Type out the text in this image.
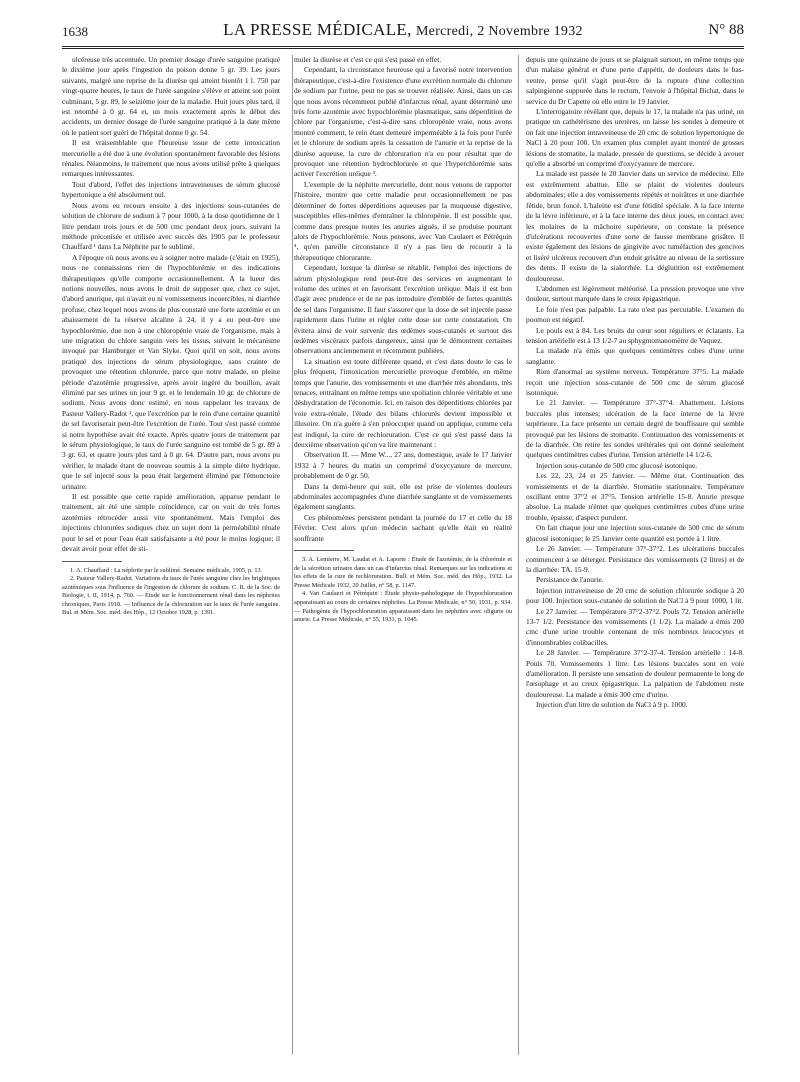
1638	LA PRESSE MÉDICALE, Mercredi, 2 Novembre 1932	N° 88

ulcéreuse très accentuée. Un premier dosage d'urée sanguine pratiqué le dixième jour après l'ingestion du poison donne 5 gr. 39. Les jours suivants, malgré une reprise de la diurèse qui atteint bientôt 1 l. 750 par vingt-quatre heures, le taux de l'urée sanguine s'élève et atteint son point culminant, 5 gr. 89, le seizième jour de la maladie. Huit jours plus tard, il est retombé à 0 gr. 64 et, un mois exactement après le début des accidents, un dernier dosage de l'urée sanguine pratiqué à la date même où le patient sort guéri de l'hôpital donne 0 gr. 54.

Il est vraisemblable que l'heureuse issue de cette intoxication mercurielle a été due à une évolution spontanément favorable des lésions rénales. Néanmoins, le traitement que nous avons utilisé prête à quelques remarques intéressantes.

Tout d'abord, l'effet des injections intraveineuses de sérum glucosé hypertonique a été absolument nul.

Nous avons eu recours ensuite à des injections sous-cutanées de solution de chlorure de sodium à 7 pour 1000, à la dose quotidienne de 1 litre pendant trois jours et de 500 cmc pendant deux jours, suivant la méthode préconisée et utilisée avec succès dès 1905 par le professeur Chauffard ¹ dans La Néphrite par le sublimé.

A l'époque où nous avons eu à soigner notre malade (c'était en 1925), nous ne connaissions rien de l'hypochlorémie et des indications thérapeutiques qu'elle comporte occasionnellement. A la lueur des notions nouvelles, nous avons le droit de supposer que, chez ce sujet, d'abord anurique, qui n'avait eu ni vomissements incoercibles, ni diarrhée profuse, chez lequel nous avons de plus constaté une forte azotémie et un abaissement de la réserve alcaline à 24, il y a eu peut-être une hypochlorémie, due non à une chloropénie vraie de l'organisme, mais à une migration du chlore sanguin vers les tissus, suivant le mécanisme invoqué par Hamburger et Van Slyke. Quoi qu'il en soit, nous avons pratiqué des injections de sérum physiologique, sans crainte de provoquer une rétention chlorurée, parce que notre malade, en pleine période d'azotémie progressive, après avoir ingéré du bouillon, avait éliminé par ses urines un jour 9 gr. et le lendemain 10 gr. de chlorure de sodium. Nous avons donc estimé, en nous rappelant les travaux de Pasteur Vallery-Radot ², que l'excrétion par le rein d'une certaine quantité de sel favoriserait peut-être l'excrétion de l'urée. Tout s'est passé comme si notre hypothèse avait été exacte. Après quatre jours de traitement par le sérum physiologique, le taux de l'urée sanguine est tombé de 5 gr. 89 à 3 gr. 63, et quatre jours plus tard à 0 gr. 64. D'autre part, nous avons pu vérifier, le malade étant de nouveau soumis à la simple diète hydrique, que le sel injecté sous la peau était largement éliminé par l'émonctoire urinaire.

Il est possible que cette rapide amélioration, apparue pendant le traitement, ait été une simple coïncidence, car on voit de très fortes azotémies rétrocéder aussi vite spontanément. Mais l'emploi des injections chlorurées sodiques chez un sujet dont la perméabilité rénale pour le sel et pour l'eau était satisfaisante a été pour le moins logique; il devait avoir pour effet de sti-

1. A. Chauffard : La néphrite par le sublimé. Semaine médicale, 1905, p. 13.

2. Pasteur Vallery-Radot. Variations du taux de l'urée sanguine chez les brightiques azotémiques sous l'influence de l'ingestion de chlorure de sodium. C. R. de la Soc. de Biologie, t. II, 1914, p. 760. — Étude sur le fonctionnement rénal dans les néphrites chroniques, Paris 1918. — Influence de la chloruration sur le taux de l'urée sanguine. Bul. et Mém. Soc. méd. des Hôp., 12 Octobre 1928, p. 1391.

muler la diurèse et c'est ce qui s'est passé en effet.

Cependant, la circonstance heureuse qui a favorisé notre intervention thérapeutique, c'est-à-dire l'existence d'une excrétion normale du chlorure de sodium par l'urine, peut ne pas se trouver réalisée. Ainsi, dans un cas que nous avons récemment publié d'infarctus rénal, ayant déterminé une très forte azotémie avec hypochlorémie plasmatique, sans déperdition de chlore par l'organisme, c'est-à-dire sans chloropénie vraie, nous avons montré comment, le rein étant demeuré imperméable à la fois pour l'urée et le chlorure de sodium après la cessation de l'anurie et la reprise de la diurèse aqueuse, la cure de chloruration n'a eu pour résultat que de provoquer une rétention hydrochlorurée et que l'hyperchlorémie sans activer l'excrétion uréique ³.

L'exemple de la néphrite mercurielle, dont nous venons de rapporter l'histoire, montre que cette maladie peut occasionnellement ne pas déterminer de fortes déperditions aqueuses par la muqueuse digestive, susceptibles elles-mêmes d'entraîner la chloropénie. Il est possible que, comme dans presque toutes les anuries aiguës, il se produise pourtant alors de l'hypochlorémie. Nous pensons, avec Van Caulaert et Pétréquin ⁴, qu'en pareille circonstance il n'y a pas lieu de recourir à la thérapeutique chlorurante.

Cependant, lorsque la diurèse se rétablit, l'emploi des injections de sérum physiologique rend peut-être des services en augmentant le volume des urines et en favorisant l'excrétion uréique. Mais il est bon d'agir avec prudence et de ne pas introduire d'emblée de fortes quantités de sel dans l'organisme. Il faut s'assurer que la dose de sel injectée passe rapidement dans l'urine et régler cette dose sur cette constatation. On évitera ainsi de voir survenir des œdèmes sous-cutanés et surtout des œdèmes viscéraux parfois dangereux, ainsi que le démontrent certaines observations anciennement et récemment publiées.

La situation est toute différente quand, et c'est dans doute le cas le plus fréquent, l'intoxication mercurielle provoque d'emblée, en même temps que l'anurie, des vomissements et une diarrhée très abondants, très tenaces, entraînant en même temps une spoliation chlorée véritable et une déshydratation de l'économie. Ici, en raison des déperditions chlorées par voie extra-rénale, l'étude des bilans chlorurés devient impossible et illusoire. On n'a guère à s'en préoccuper quand on applique, comme cela est indiqué, la cure de rechloruration. C'est ce qui s'est passé dans la deuxième observation qu'on va lire maintenant :

Observation II. — Mme W..., 27 ans, domestique, avale le 17 Janvier 1932 à 7 heures du matin un comprimé d'oxycyanure de mercure, probablement de 0 gr. 50.

Dans la demi-heure qui suit, elle est prise de violentes douleurs abdominales accompagnées d'une diarrhée sanglante et de vomissements également sanglants.

Ces phénomènes persistent pendant la journée du 17 et celle du 18 Février. C'est alors qu'un médecin sachant qu'elle était en réalité souffrante

3. A. Lemierre, M. Laudat et A. Laporte : Étude de l'azotémie, de la chlorémie et de la sécrétion urinaire dans un cas d'infarctus rénal. Remarques sur les indications et les effets de la cure de rechloruration. Bull. et Mém. Soc. méd. des Hôp., 1932. La Presse Médicale 1932, 20 Juillet, n° 58, p. 1147.

4. Van Caulaert et Pétréquin : Étude physio-pathologique de l'hypochloruration apparaissant au cours de certaines néphrites. La Presse Médicale, n° 50, 1931, p. 934. — Pathogénie de l'hypochloruration apparaissant dans les néphrites avec oligurie ou anurie. La Presse Médicale, n° 55, 1931, p. 1045.

depuis une quinzaine de jours et se plaignait surtout, en même temps que d'un malaise général et d'une perte d'appétit, de douleurs dans le bas-ventre, pense qu'il s'agit peut-être de la rupture d'une collection salpingienne suppurée dans le rectum, l'envoie à l'hôpital Bichat, dans le service du Dr Capette où elle entre le 19 Janvier.

L'interrogatoire révélant que, depuis le 17, la malade n'a pas uriné, on pratique un cathétérisme des uretères, on laisse les sondes à demeure et on fait une injection intraveineuse de 20 cmc de solution hypertonique de NaCl à 20 pour 100. Un examen plus complet ayant montré de grosses lésions de stomatite, la malade, pressée de questions, se décide à avouer qu'elle a absorbé un comprimé d'oxycyanure de mercure.

La malade est passée le 20 Janvier dans un service de médecine. Elle est extrêmement abattue. Elle se plaint de violentes douleurs abdominales; elle a des vomissements répétés et noirâtres et une diarrhée fétide, brun foncé. L'haleine est d'une fétidité spéciale. A la face interne de la lèvre inférieure, et à la face interne des deux joues, en contact avec les molaires de la mâchoire supérieure, on constate la présence d'ulcérations recouvertes d'une sorte de fausse membrane grisâtre. Il existe également des lésions de gingivite avec tuméfaction des gencives et liséré ulcéreux recouvert d'un enduit grisâtre au niveau de la sertissure des dents. Il existe de la sialorrhée. La déglutition est extrêmement douloureuse.

L'abdomen est légèrement météorisé. La pression provoque une vive douleur, surtout marquée dans le creux épigastrique.

Le foie n'est pas palpable. La rate n'est pas percutable. L'examen du poumon est négatif.

Le pouls est à 84. Les bruits du cœur sont réguliers et éclatants. La tension artérielle est à 13 1/2-7 au sphygmomanomètre de Vaquez.

La malade n'a émis que quelques centimètres cubes d'une urine sanglante.

Rien d'anormal au système nerveux. Température 37°5. La malade reçoit une injection sous-cutanée de 500 cmc de sérum glucosé isotonique.

Le 21 Janvier. — Température 37°-37°4. Abattement. Lésions buccales plus intenses; ulcération de la face interne de la lèvre supérieure. La face présente un certain degré de bouffissure qui semble provoqué par les lésions de stomatite. Continuation des vomissements et de la diarrhée. On retire les sondes urétérales qui ont donné seulement quelques centimètres cubes d'urine. Tension artérielle 14 1/2-6.

Injection sous-cutanée de 500 cmc glucosé isotonique.

Les 22, 23, 24 et 25 Janvier. — Même état. Continuation des vomissements et de la diarrhée. Stomatite stationnaire. Température oscillant entre 37°2 et 37°5. Tension artérielle 15-8. Anurie presque absolue. La malade n'émet que quelques centimètres cubes d'une urine trouble, épaisse, d'aspect purulent.

On fait chaque jour une injection sous-cutanée de 500 cmc de sérum glucosé isotonique; le 25 Janvier cette quantité est portée à 1 litre.

Le 26 Janvier. — Température 37°-37°2. Les ulcérations buccales commencent à se déterger. Persistance des vomissements (2 litres) et de la diarrhée: TA. 15-9.

Persistance de l'anurie.

Injection intraveineuse de 20 cmc de solution chlorurée sodique à 20 pour 100. Injection sous-cutanée de solution de NaCl à 9 pour 1000, 1 lit.

Le 27 Janvier. — Température 37°2-37°2. Pouls 72. Tension artérielle 13-7 1/2. Persistance des vomissements (1 1/2). La malade a émis 200 cmc d'une urine trouble contenant de très nombreux leucocytes et d'innombrables colibacilles.

Le 28 Janvier. — Température 37°2-37-4. Tension artérielle : 14-8. Pouls 70. Vomissements 1 litre. Les lésions buccales sont en voie d'amélioration. Il persiste une sensation de douleur permanente le long de l'œsophage et au creux épigastrique. La palpation de l'abdomen reste douloureuse. La malade a émis 300 cmc d'urine.

Injection d'un litre de solution de NaCl à 9 p. 1000.
